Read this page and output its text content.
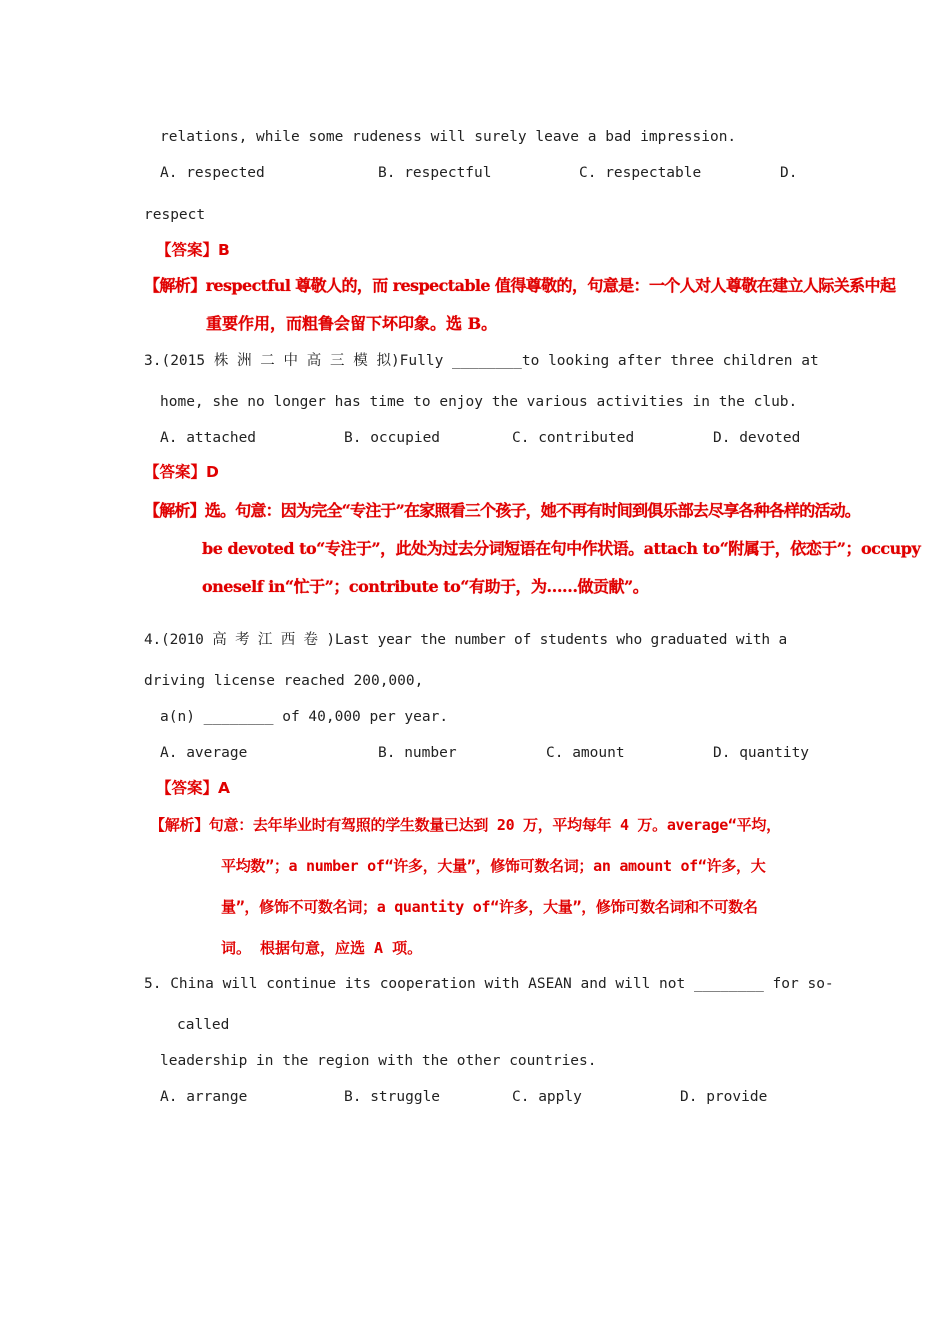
relations, while some rudeness will surely leave a bad impression.
A. respected	B. respectful	C. respectable	D.
respect
【答案】B
【解析】respectful 尊敬人的，而 respectable 值得尊敬的，句意是：一个人对人尊敬在建立人际关系中起
重要作用，而粗鲁会留下坏印象。选 B。
3.(2015 株 洲 二 中 高 三 模 拟)Fully ________to looking after three children at
home, she no longer has time to enjoy the various activities in the club.
A. attached	B. occupied	C. contributed	D. devoted
【答案】D
【解析】选。句意：因为完全“专注于”在家照看三个孩子，她不再有时间到俱乐部去尽享各种各样的活动。
be devoted to“专注于”，此处为过去分词短语在句中作状语。attach to“附属于，依恋于”；occupy
oneself in“忙于”；contribute to“有助于，为……做贡献”。
4.(2010 高 考 江 西 卷 )Last year the number of students who graduated with a
driving license reached 200,000,
a(n) ________ of 40,000 per year.
A. average	B. number	C. amount	D. quantity
【答案】A
【解析】句意：去年毕业时有驾照的学生数量已达到 20 万，平均每年 4 万。average“平均，
平均数”；a number of“许多，大量”，修饰可数名词；an amount of“许多，大
量”，修饰不可数名词；a quantity of“许多，大量”，修饰可数名词和不可数名
词。 根据句意，应选 A 项。
5. China will continue its cooperation with ASEAN and will not ________ for so-
called
leadership in the region with the other countries.
A. arrange	B. struggle	C. apply	D. provide
